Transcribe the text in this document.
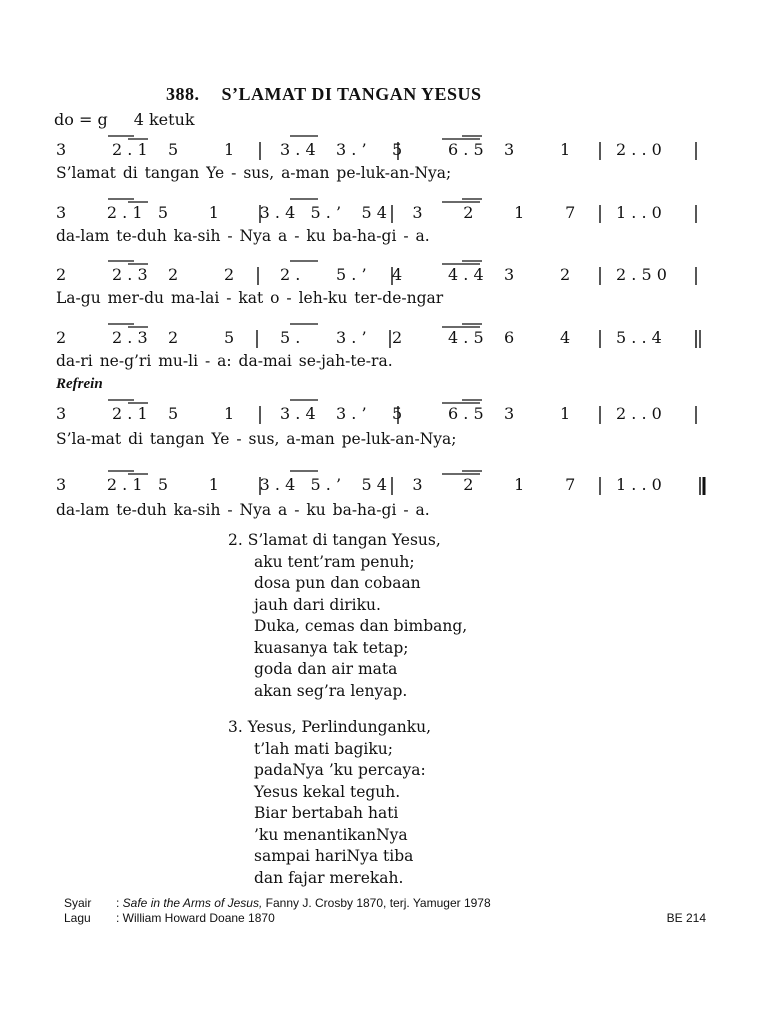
388. S’LAMAT DI TANGAN YESUS
do = g 4 ketuk
3	2 . 1 5	1	3 . 4 3 . ’ 5	6 . 5 3	1	2 . . 0
S’lamat di tangan Ye - sus, a-man pe-luk-an-Nya;
3	2 . 1 5	1	3 . 4 5 . ’ 5 4 3	2	1	7	1 . . 0
da-lam te-duh ka-sih - Nya a - ku ba-ha-gi - a.
2	2 . 3 2	2	2 . 5 . ’ 4	4 . 4 3	2	2 . 5 0
La-gu mer-du ma-lai - kat o - leh-ku ter-de-ngar
2	2 . 3 2	5	5 . 3 . ’ 2	4 . 5 6	4	5 . . 4
da-ri ne-g’ri mu-li - a: da-mai se-jah-te-ra.
3	2 . 1 5	1	3 . 4 3 . ’ 5	6 . 5 3	1	2 . . 0
S’la-mat di tangan Ye - sus, a-man pe-luk-an-Nya;
3	2 . 1 5	1	3 . 4 5 . ’ 5 4 3	2	1	7	1 . . 0
da-lam te-duh ka-sih - Nya a - ku ba-ha-gi - a.
Refrein
2. S’lamat di tangan Yesus,
aku tent’ram penuh;
dosa pun dan cobaan
jauh dari diriku.
Duka, cemas dan bimbang,
kuasanya tak tetap;
goda dan air mata
akan seg’ra lenyap.
3. Yesus, Perlindunganku,
t’lah mati bagiku;
padaNya ’ku percaya:
Yesus kekal teguh.
Biar bertabah hati
’ku menantikanNya
sampai hariNya tiba
dan fajar merekah.
Syair : Safe in the Arms of Jesus, Fanny J. Crosby 1870, terj. Yamuger 1978
Lagu : William Howard Doane 1870	BE 214
